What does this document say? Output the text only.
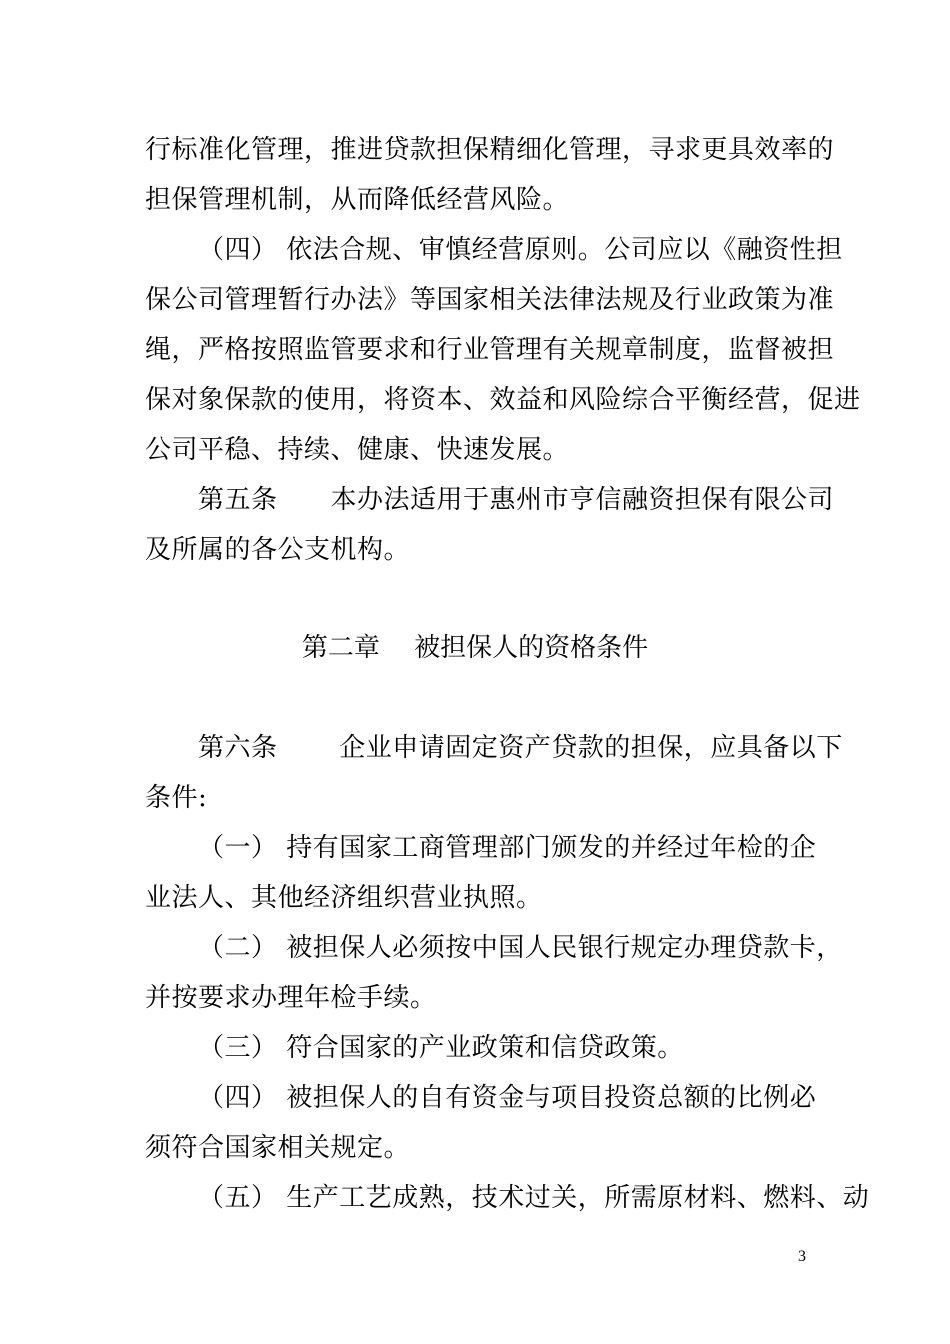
行标准化管理，推进贷款担保精细化管理，寻求更具效率的
担保管理机制，从而降低经营风险。
（四） 依法合规、审慎经营原则。公司应以《融资性担
保公司管理暂行办法》等国家相关法律法规及行业政策为准
绳，严格按照监管要求和行业管理有关规章制度，监督被担
保对象保款的使用，将资本、效益和风险综合平衡经营，促进
公司平稳、持续、健康、快速发展。
第五条　　本办法适用于惠州市亨信融资担保有限公司
及所属的各公支机构。
第二章　 被担保人的资格条件
第六条　　 企业申请固定资产贷款的担保，应具备以下
条件:
（一） 持有国家工商管理部门颁发的并经过年检的企
业法人、其他经济组织营业执照。
（二） 被担保人必须按中国人民银行规定办理贷款卡，
并按要求办理年检手续。
（三） 符合国家的产业政策和信贷政策。
（四） 被担保人的自有资金与项目投资总额的比例必
须符合国家相关规定。
（五） 生产工艺成熟，技术过关，所需原材料、燃料、动
3
